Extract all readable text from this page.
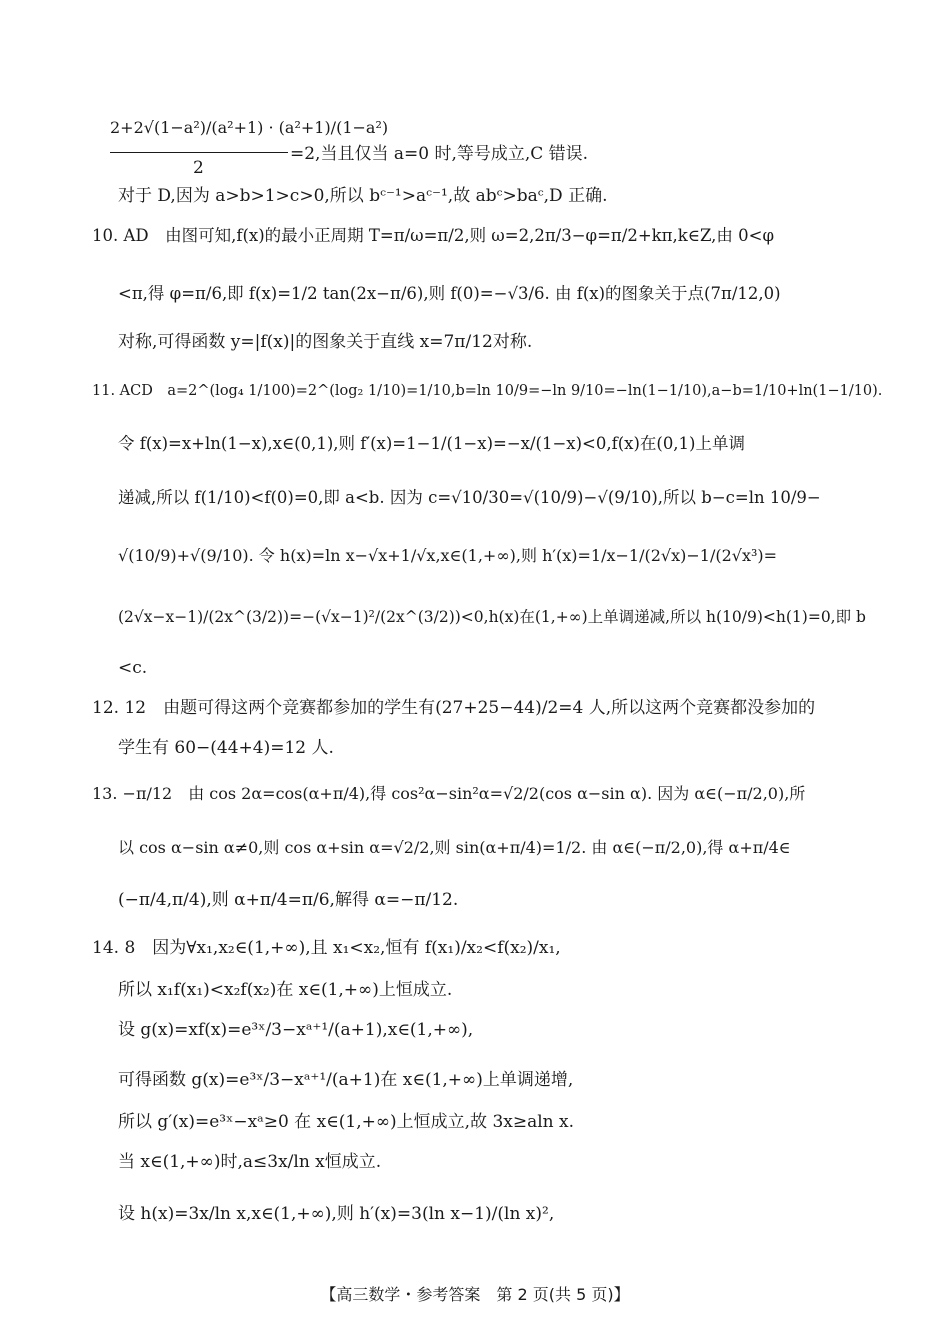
2+2√(1−a²)/(a²+1) · (a²+1)/(1−a²)
2
=2,当且仅当 a=0 时,等号成立,C 错误.
对于 D,因为 a>b>1>c>0,所以 bᶜ⁻¹>aᶜ⁻¹,故 abᶜ>baᶜ,D 正确.
10. AD　由图可知,f(x)的最小正周期 T=π/ω=π/2,则 ω=2,2π/3−φ=π/2+kπ,k∈Z,由 0<φ
<π,得 φ=π/6,即 f(x)=1/2 tan(2x−π/6),则 f(0)=−√3/6. 由 f(x)的图象关于点(7π/12,0)
对称,可得函数 y=|f(x)|的图象关于直线 x=7π/12对称.
11. ACD　a=2^(log₄ 1/100)=2^(log₂ 1/10)=1/10,b=ln 10/9=−ln 9/10=−ln(1−1/10),a−b=1/10+ln(1−1/10).
令 f(x)=x+ln(1−x),x∈(0,1),则 f′(x)=1−1/(1−x)=−x/(1−x)<0,f(x)在(0,1)上单调
递减,所以 f(1/10)<f(0)=0,即 a<b. 因为 c=√10/30=√(10/9)−√(9/10),所以 b−c=ln 10/9−
√(10/9)+√(9/10). 令 h(x)=ln x−√x+1/√x,x∈(1,+∞),则 h′(x)=1/x−1/(2√x)−1/(2√x³)=
(2√x−x−1)/(2x^(3/2))=−(√x−1)²/(2x^(3/2))<0,h(x)在(1,+∞)上单调递减,所以 h(10/9)<h(1)=0,即 b
<c.
12. 12　由题可得这两个竞赛都参加的学生有(27+25−44)/2=4 人,所以这两个竞赛都没参加的
学生有 60−(44+4)=12 人.
13. −π/12　由 cos 2α=cos(α+π/4),得 cos²α−sin²α=√2/2(cos α−sin α). 因为 α∈(−π/2,0),所
以 cos α−sin α≠0,则 cos α+sin α=√2/2,则 sin(α+π/4)=1/2. 由 α∈(−π/2,0),得 α+π/4∈
(−π/4,π/4),则 α+π/4=π/6,解得 α=−π/12.
14. 8　因为∀x₁,x₂∈(1,+∞),且 x₁<x₂,恒有 f(x₁)/x₂<f(x₂)/x₁,
所以 x₁f(x₁)<x₂f(x₂)在 x∈(1,+∞)上恒成立.
设 g(x)=xf(x)=e³ˣ/3−xᵃ⁺¹/(a+1),x∈(1,+∞),
可得函数 g(x)=e³ˣ/3−xᵃ⁺¹/(a+1)在 x∈(1,+∞)上单调递增,
所以 g′(x)=e³ˣ−xᵃ≥0 在 x∈(1,+∞)上恒成立,故 3x≥aln x.
当 x∈(1,+∞)时,a≤3x/ln x恒成立.
设 h(x)=3x/ln x,x∈(1,+∞),则 h′(x)=3(ln x−1)/(ln x)²,
【高三数学・参考答案　第 2 页(共 5 页)】
